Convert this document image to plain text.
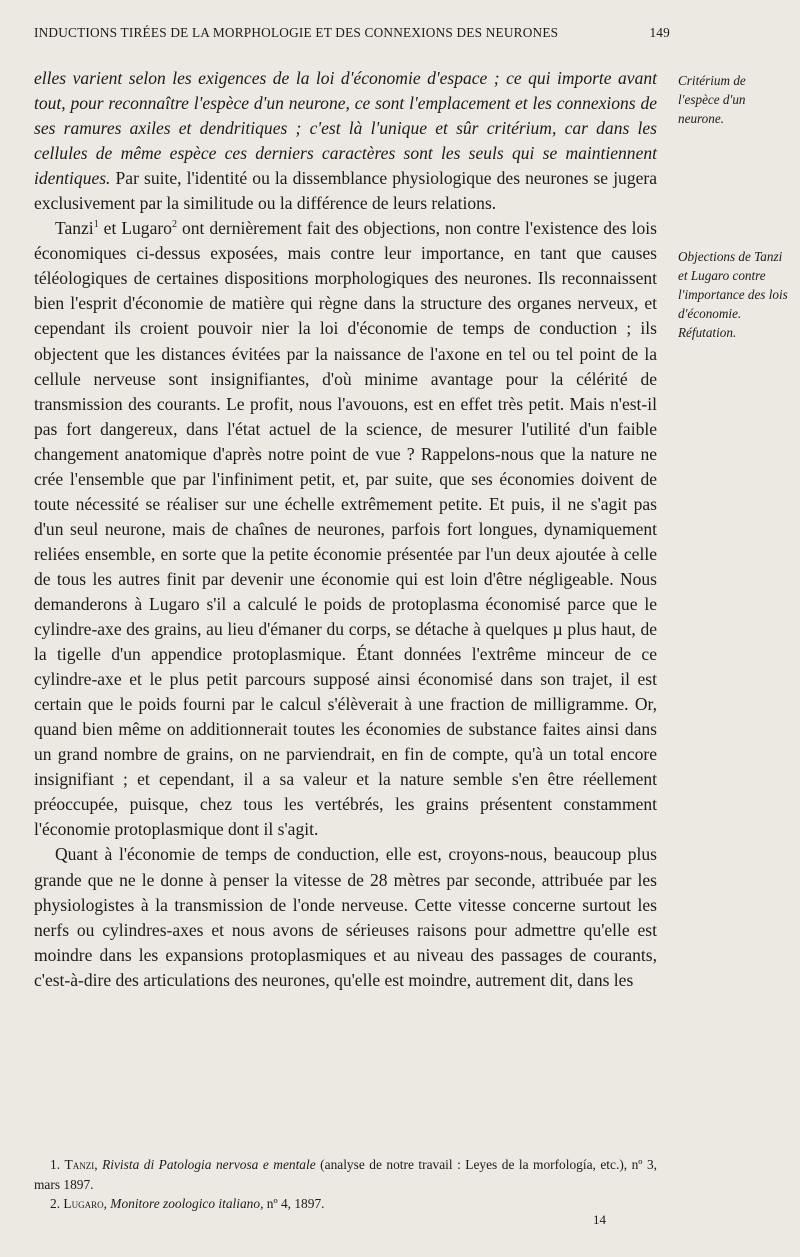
INDUCTIONS TIRÉES DE LA MORPHOLOGIE ET DES CONNEXIONS DES NEURONES	149

elles varient selon les exigences de la loi d'économie d'espace ; ce qui importe avant tout, pour reconnaître l'espèce d'un neurone, ce sont l'emplacement et les connexions de ses ramures axiles et dendritiques ; c'est là l'unique et sûr critérium, car dans les cellules de même espèce ces derniers caractères sont les seuls qui se maintiennent identiques. Par suite, l'identité ou la dissemblance physiologique des neurones se jugera exclusivement par la similitude ou la différence de leurs relations.

Tanzi$^1$ et Lugaro$^2$ ont dernièrement fait des objections, non contre l'existence des lois économiques ci-dessus exposées, mais contre leur importance, en tant que causes téléologiques de certaines dispositions morphologiques des neurones. Ils reconnaissent bien l'esprit d'économie de matière qui règne dans la structure des organes nerveux, et cependant ils croient pouvoir nier la loi d'économie de temps de conduction ; ils objectent que les distances évitées par la naissance de l'axone en tel ou tel point de la cellule nerveuse sont insignifiantes, d'où minime avantage pour la célérité de transmission des courants. Le profit, nous l'avouons, est en effet très petit. Mais n'est-il pas fort dangereux, dans l'état actuel de la science, de mesurer l'utilité d'un faible changement anatomique d'après notre point de vue ? Rappelons-nous que la nature ne crée l'ensemble que par l'infiniment petit, et, par suite, que ses économies doivent de toute nécessité se réaliser sur une échelle extrêmement petite. Et puis, il ne s'agit pas d'un seul neurone, mais de chaînes de neurones, parfois fort longues, dynamiquement reliées ensemble, en sorte que la petite économie présentée par l'un deux ajoutée à celle de tous les autres finit par devenir une économie qui est loin d'être négligeable. Nous demanderons à Lugaro s'il a calculé le poids de protoplasma économisé parce que le cylindre-axe des grains, au lieu d'émaner du corps, se détache à quelques µ plus haut, de la tigelle d'un appendice protoplasmique. Étant données l'extrême minceur de ce cylindre-axe et le plus petit parcours supposé ainsi économisé dans son trajet, il est certain que le poids fourni par le calcul s'élèverait à une fraction de milligramme. Or, quand bien même on additionnerait toutes les économies de substance faites ainsi dans un grand nombre de grains, on ne parviendrait, en fin de compte, qu'à un total encore insignifiant ; et cependant, il a sa valeur et la nature semble s'en être réellement préoccupée, puisque, chez tous les vertébrés, les grains présentent constamment l'économie protoplasmique dont il s'agit.

Quant à l'économie de temps de conduction, elle est, croyons-nous, beaucoup plus grande que ne le donne à penser la vitesse de 28 mètres par seconde, attribuée par les physiologistes à la transmission de l'onde nerveuse. Cette vitesse concerne surtout les nerfs ou cylindres-axes et nous avons de sérieuses raisons pour admettre qu'elle est moindre dans les expansions protoplasmiques et au niveau des passages de courants, c'est-à-dire des articulations des neurones, qu'elle est moindre, autrement dit, dans les

Critérium de l'espèce d'un neurone.
Objections de Tanzi et Lugaro contre l'importance des lois d'économie. Réfutation.

1. Tanzi, Rivista di Patologia nervosa e mentale (analyse de notre travail : Leyes de la morfología, etc.), nº 3, mars 1897.

2. Lugaro, Monitore zoologico italiano, nº 4, 1897.

14
